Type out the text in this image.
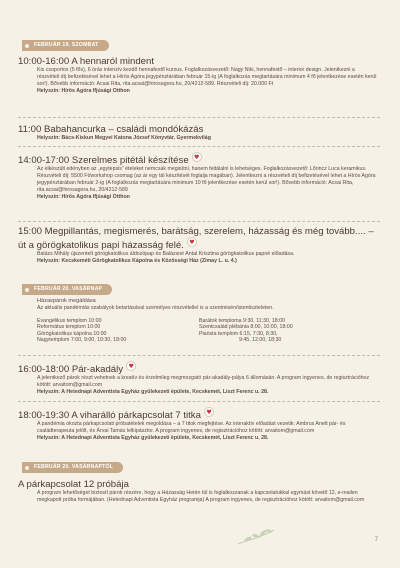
FEBRUÁR 19. SZOMBAT

10:00-16:00 A hennaról mindent

Kis csoportos (5 fős), 6 órás intenzív kezdő hennafestő kurzus. Foglalkozásvezető: Nagy Niki, hennafestő – interior design. Jelentkezni a részvételi díj befizetésével lehet a Hírös Agóra jegypénztárában február 15-ig (A foglalkozás megtartására minimum 4 fő jelentkezése esetén kerül sor!). Bővebb információ: Acsai Rita, rita.acsai@hirosagora.hu, 20/4212-589. Részvételi díj: 20.000 Ft

Helyszín: Hírös Agóra Ifjúsági Otthon

11:00 Babahancurka – családi mondókázás

Helyszín: Bács-Kiskun Megyei Katona József Könyvtár, Gyermekvilág

14:00-17:00 Szerelmes pitétál készítése♥

Az elkészült edényben az „egytepsis” ételeket nemcsak megsütni, hanem feltálalni is lehetséges. Foglalkozásvezető: Lőrincz Luca keramikus. Részvételi díj: 5500 Ft/workshop csomag (az ár egy tál készítését foglalja magában). Jelentkezni a részvételi díj befizetésével lehet a Hírös Agóra jegypénztárában február 2-ig (A foglalkozás megtartására minimum 10 fő jelentkezése esetén kerül sor!). Bővebb információ: Acsai Rita, rita.acsai@hirosagora.hu, 20/4212-589

Helyszín: Hírös Agóra Ifjúsági Otthon

15:00 Megpillantás, megismerés, barátság, szerelem, házasság és még tovább.... – út a görögkatolikus papi házasság felé.♥

Balázs Mihály újszentelt görögkatolikus áldozópap és Balázsné Antal Krisztina görögkatolikus papné előadása.

Helyszín: Kecskeméti Görögkatolikus Kápolna és Közösségi Ház (Zimay L. u. 4.)

FEBRUÁR 20. VASÁRNAP

Házaspárok megáldása

Az aktuális pandémiás szabályok betartásával személyes részvétellel is a szentmisén/istentiszteleten.

Evangélikus templom 10:00
Református templom 10:00
Görögkatolikus kápolna 10:00
Nagytemplom 7:00, 9:00, 10:30, 18:00
Barátok temploma 9:30, 11:30, 18:00
Szentcsalád plébánia 8:00, 10:00, 18:00
Piarista templom 6:15, 7:30, 8:30,
9:45, 12:00, 18:30

16:00-18:00 Pár-akadály♥

A jelentkező párok részt vehetnek a kreatív és érzelmileg megmozgató pár-akadály-pálya 6 állomásán. A program ingyenes, de regisztrációhoz kötött: arvaitom@gmail.com

Helyszín: A Hetednapi Adventista Egyház gyülekezeti épülete, Kecskemét, Liszt Ferenc u. 28.

18:00-19:30 A viharálló párkapcsolat 7 titka♥

A pandémia okozta párkapcsolati próbatételek megoldása – a 7 titok megfejtése. Az interaktív előadást vezetik: Ambrus Anett pár- és családterapeuta jelölt, és Árvai Tamás lelkipásztor. A program ingyenes, de regisztrációhoz kötött: arvaitom@gmail.com

Helyszín: A Hetednapi Adventista Egyház gyülekezeti épülete, Kecskemét, Liszt Ferenc u. 28.

FEBRUÁR 20. VASÁRNAPTÓL

A párkapcsolat 12 próbája

A program lehetőséget biztosít párok részére, hogy a Házasság Hetén túl is foglalkozzanak a kapcsolatukkal egymást követő 12, e-mailen megkapott próba formájában. (Hetednapi Adventista Egyház programja) A program ingyenes, de regisztrációhoz kötött: arvaitom@gmail.com

7
